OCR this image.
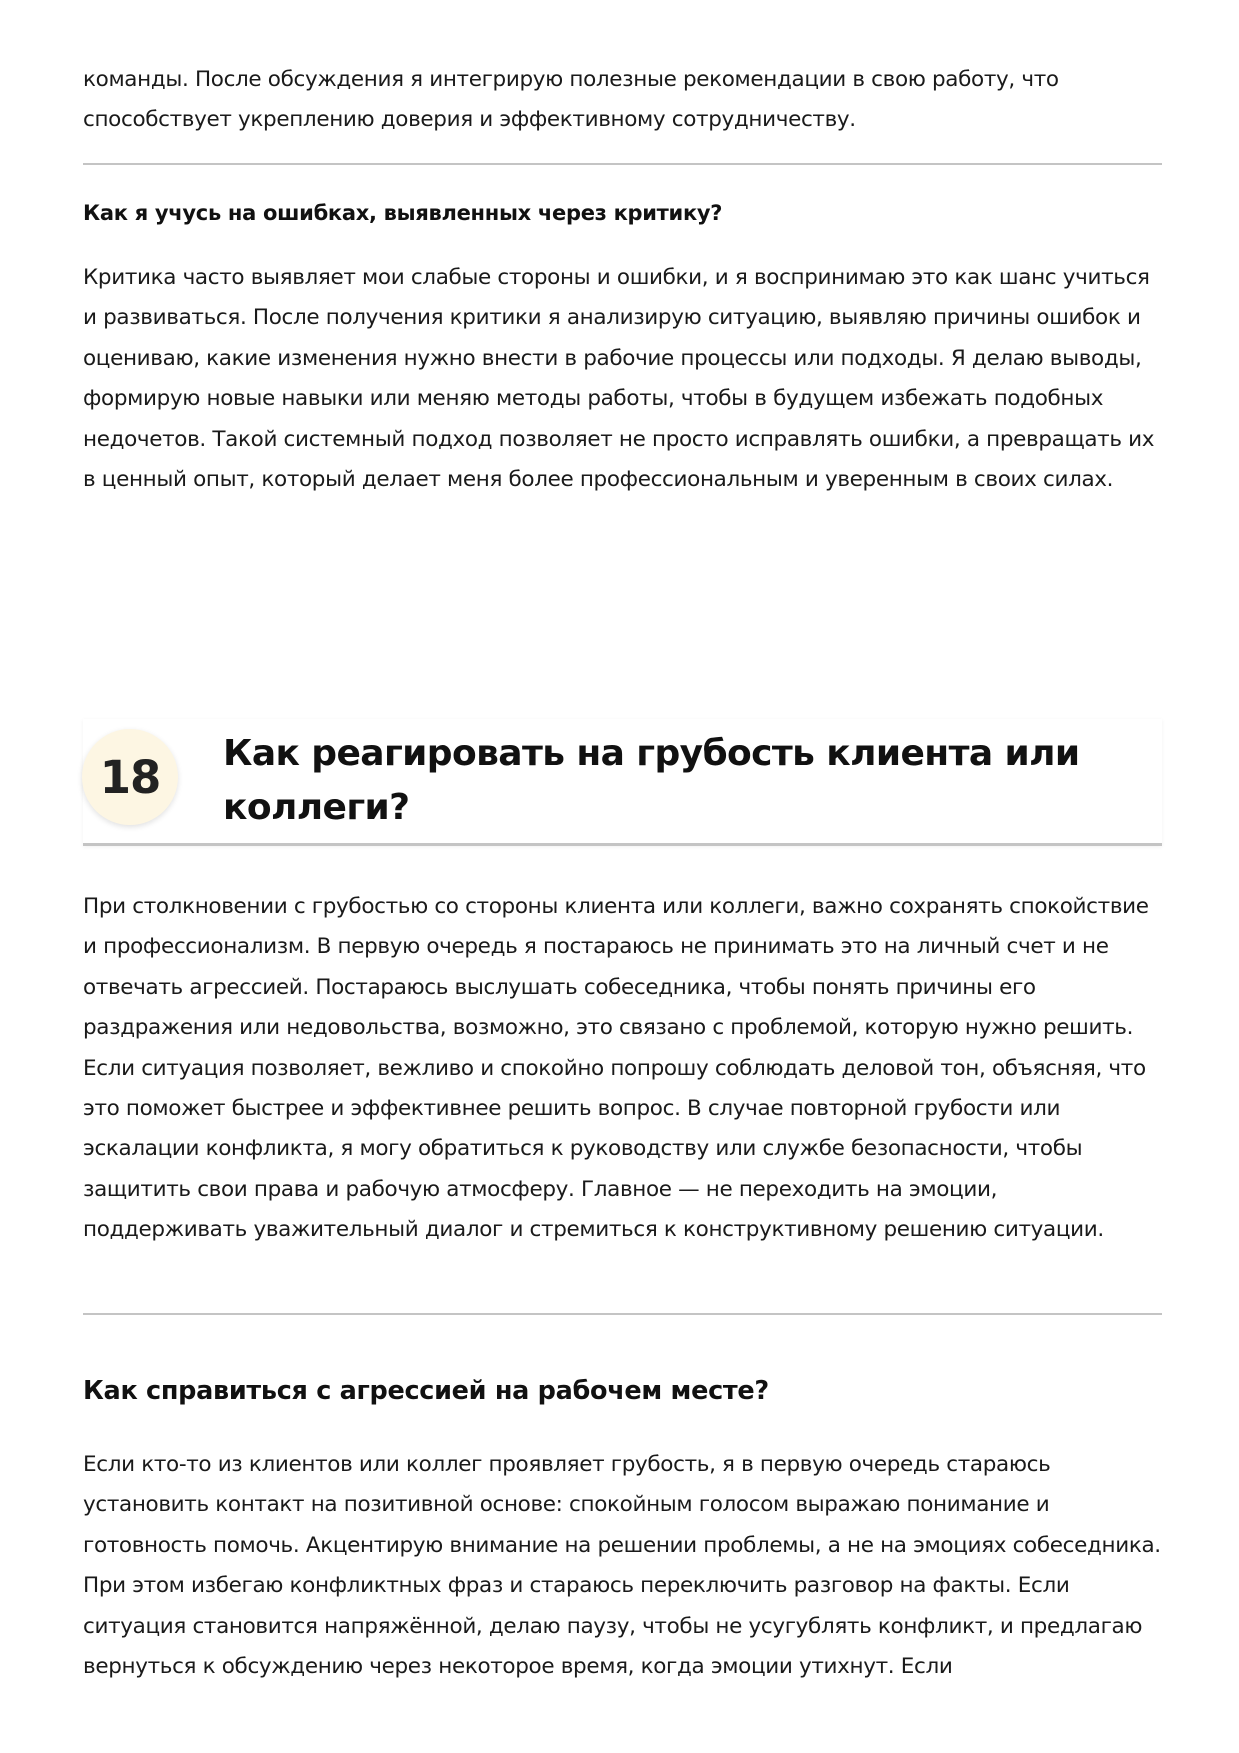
команды. После обсуждения я интегрирую полезные рекомендации в свою работу, что способствует укреплению доверия и эффективному сотрудничеству.

Как я учусь на ошибках, выявленных через критику?

Критика часто выявляет мои слабые стороны и ошибки, и я воспринимаю это как шанс учиться и развиваться. После получения критики я анализирую ситуацию, выявляю причины ошибок и оцениваю, какие изменения нужно внести в рабочие процессы или подходы. Я делаю выводы, формирую новые навыки или меняю методы работы, чтобы в будущем избежать подобных недочетов. Такой системный подход позволяет не просто исправлять ошибки, а превращать их в ценный опыт, который делает меня более профессиональным и уверенным в своих силах.

18	Как реагировать на грубость клиента или коллеги?

При столкновении с грубостью со стороны клиента или коллеги, важно сохранять спокойствие и профессионализм. В первую очередь я постараюсь не принимать это на личный счет и не отвечать агрессией. Постараюсь выслушать собеседника, чтобы понять причины его раздражения или недовольства, возможно, это связано с проблемой, которую нужно решить. Если ситуация позволяет, вежливо и спокойно попрошу соблюдать деловой тон, объясняя, что это поможет быстрее и эффективнее решить вопрос. В случае повторной грубости или эскалации конфликта, я могу обратиться к руководству или службе безопасности, чтобы защитить свои права и рабочую атмосферу. Главное — не переходить на эмоции, поддерживать уважительный диалог и стремиться к конструктивному решению ситуации.

Как справиться с агрессией на рабочем месте?

Если кто-то из клиентов или коллег проявляет грубость, я в первую очередь стараюсь установить контакт на позитивной основе: спокойным голосом выражаю понимание и готовность помочь. Акцентирую внимание на решении проблемы, а не на эмоциях собеседника. При этом избегаю конфликтных фраз и стараюсь переключить разговор на факты. Если ситуация становится напряжённой, делаю паузу, чтобы не усугублять конфликт, и предлагаю вернуться к обсуждению через некоторое время, когда эмоции утихнут. Если
